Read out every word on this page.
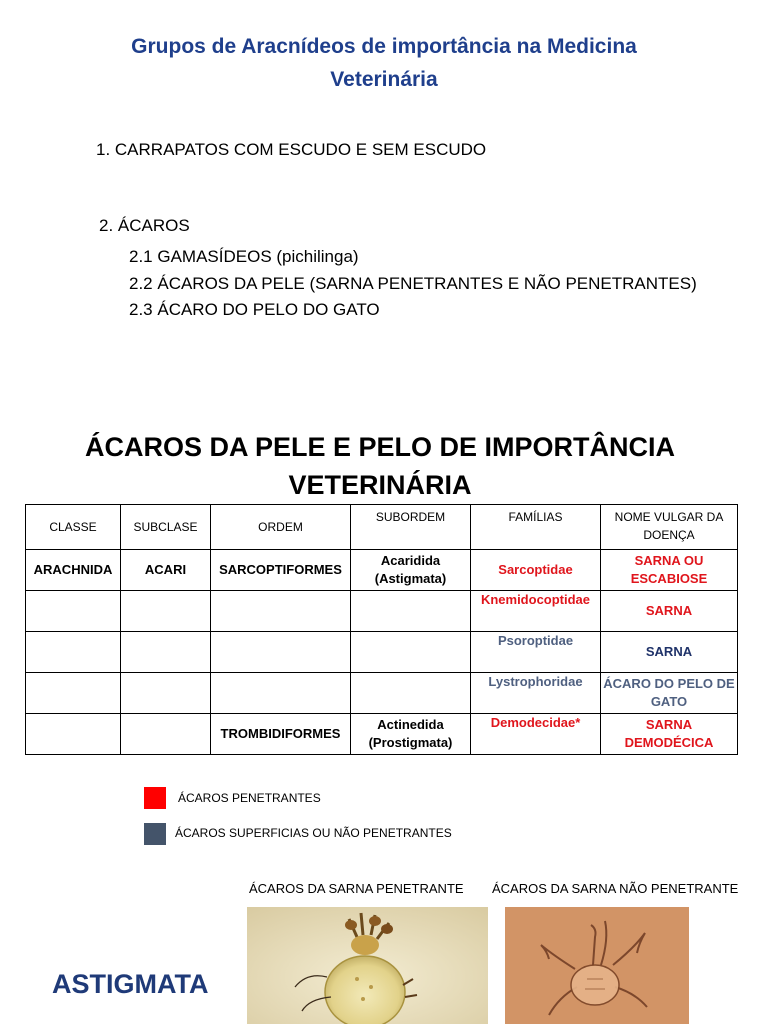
Grupos de Aracnídeos de importância na Medicina
Veterinária
1. CARRAPATOS COM ESCUDO E SEM ESCUDO
2. ÁCAROS
2.1 GAMASÍDEOS (pichilinga)
2.2 ÁCAROS DA PELE (SARNA PENETRANTES E NÃO PENETRANTES)
2.3 ÁCARO DO PELO DO GATO
ÁCAROS DA PELE E PELO DE IMPORTÂNCIA
VETERINÁRIA
CLASSE	SUBCLASE	ORDEM	SUBORDEM	FAMÍLIAS	NOME VULGAR DA DOENÇA
ARACHNIDA	ACARI	SARCOPTIFORMES	Acaridida (Astigmata)	Sarcoptidae	SARNA OU ESCABIOSE
				Knemidocoptidae	SARNA
				Psoroptidae	SARNA
				Lystrophoridae	ÁCARO DO PELO DE GATO
		TROMBIDIFORMES	Actinedida (Prostigmata)	Demodecidae*	SARNA DEMODÉCICA
ÁCAROS PENETRANTES
ÁCAROS SUPERFICIAS OU NÃO PENETRANTES
ÁCAROS DA SARNA PENETRANTE ÁCAROS DA SARNA NÃO PENETRANTE
ASTIGMATA
